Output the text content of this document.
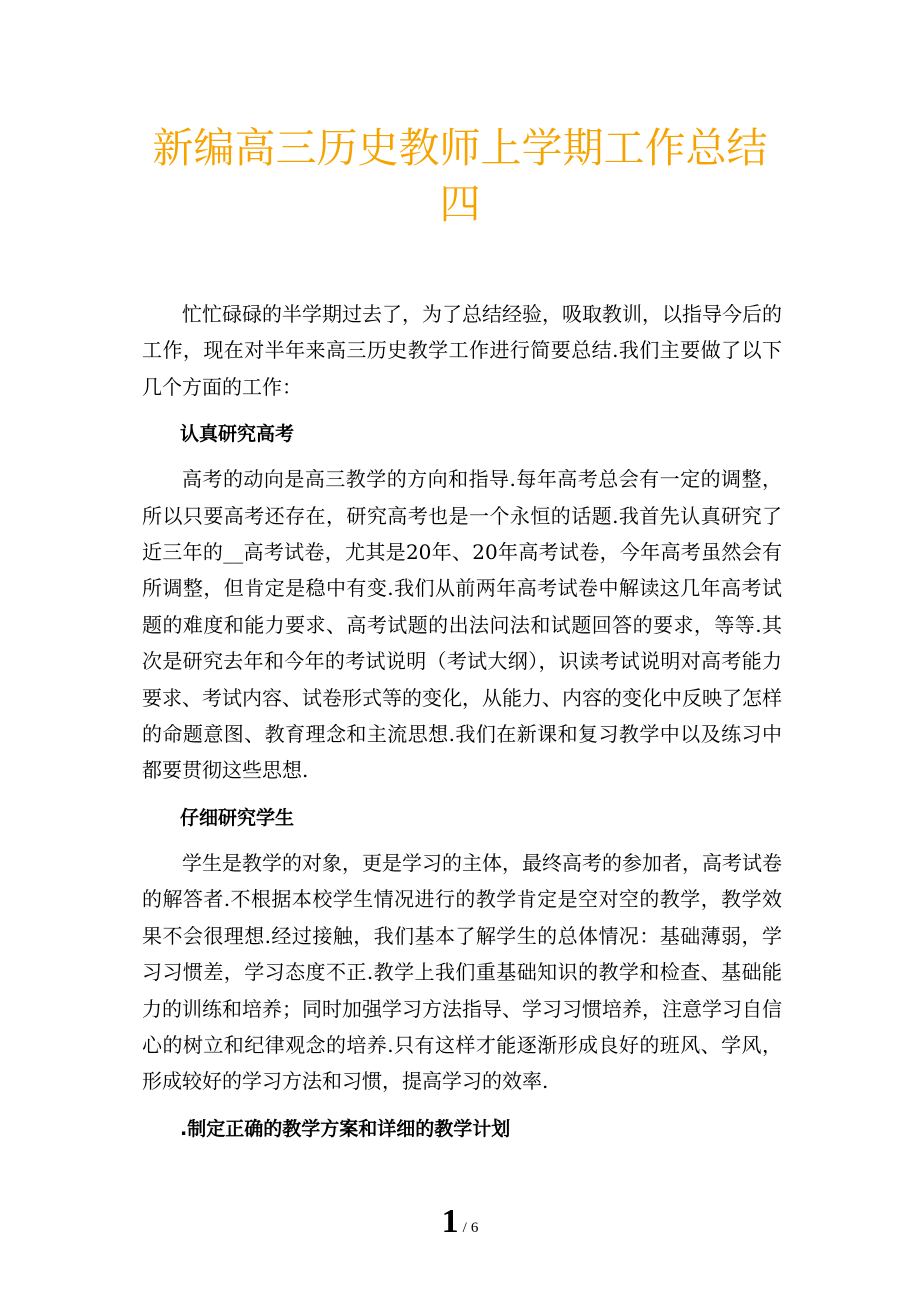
新编高三历史教师上学期工作总结
四

忙忙碌碌的半学期过去了，为了总结经验，吸取教训，以指导今后的工作，现在对半年来高三历史教学工作进行简要总结.我们主要做了以下几个方面的工作：

认真研究高考

高考的动向是高三教学的方向和指导.每年高考总会有一定的调整，所以只要高考还存在，研究高考也是一个永恒的话题.我首先认真研究了近三年的__高考试卷，尤其是20年、20年高考试卷，今年高考虽然会有所调整，但肯定是稳中有变.我们从前两年高考试卷中解读这几年高考试题的难度和能力要求、高考试题的出法问法和试题回答的要求，等等.其次是研究去年和今年的考试说明（考试大纲），识读考试说明对高考能力要求、考试内容、试卷形式等的变化，从能力、内容的变化中反映了怎样的命题意图、教育理念和主流思想.我们在新课和复习教学中以及练习中都要贯彻这些思想.

仔细研究学生

学生是教学的对象，更是学习的主体，最终高考的参加者，高考试卷的解答者.不根据本校学生情况进行的教学肯定是空对空的教学，教学效果不会很理想.经过接触，我们基本了解学生的总体情况：基础薄弱，学习习惯差，学习态度不正.教学上我们重基础知识的教学和检查、基础能力的训练和培养；同时加强学习方法指导、学习习惯培养，注意学习自信心的树立和纪律观念的培养.只有这样才能逐渐形成良好的班风、学风，形成较好的学习方法和习惯，提高学习的效率.

.制定正确的教学方案和详细的教学计划
1 / 6
